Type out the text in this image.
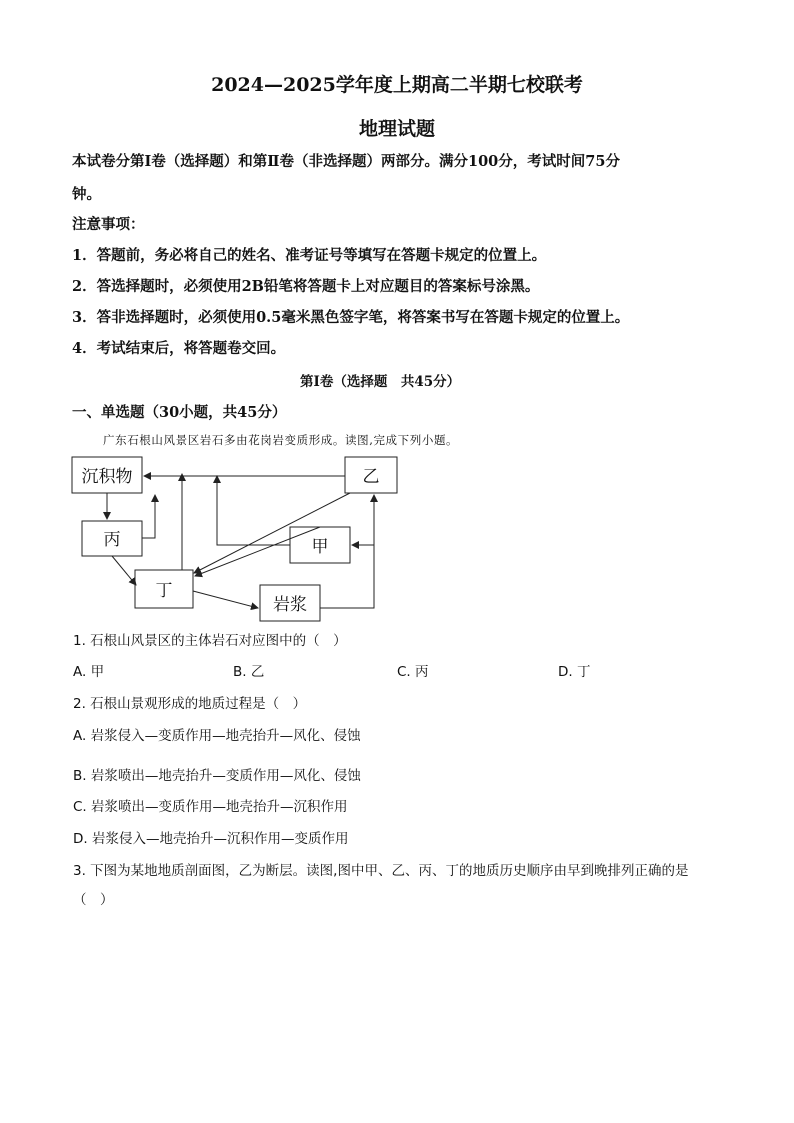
2024—2025学年度上期高二半期七校联考
地理试题
本试卷分第Ⅰ卷（选择题）和第Ⅱ卷（非选择题）两部分。满分100分，考试时间75分
钟。
注意事项：
1．答题前，务必将自己的姓名、准考证号等填写在答题卡规定的位置上。
2．答选择题时，必须使用2B铅笔将答题卡上对应题目的答案标号涂黑。
3．答非选择题时，必须使用0.5毫米黑色签字笔，将答案书写在答题卡规定的位置上。
4．考试结束后，将答题卷交回。
第Ⅰ卷（选择题　共45分）
一、单选题（30小题，共45分）
广东石根山风景区岩石多由花岗岩变质形成。读图,完成下列小题。
沉积物	乙
丙	甲
丁
岩浆
1. 石根山风景区的主体岩石对应图中的（　）
A. 甲	B. 乙	C. 丙	D. 丁
2. 石根山景观形成的地质过程是（　）
A. 岩浆侵入—变质作用—地壳抬升—风化、侵蚀
B. 岩浆喷出—地壳抬升—变质作用—风化、侵蚀
C. 岩浆喷出—变质作用—地壳抬升—沉积作用
D. 岩浆侵入—地壳抬升—沉积作用—变质作用
3. 下图为某地地质剖面图，乙为断层。读图,图中甲、乙、丙、丁的地质历史顺序由早到晚排列正确的是
（　）
